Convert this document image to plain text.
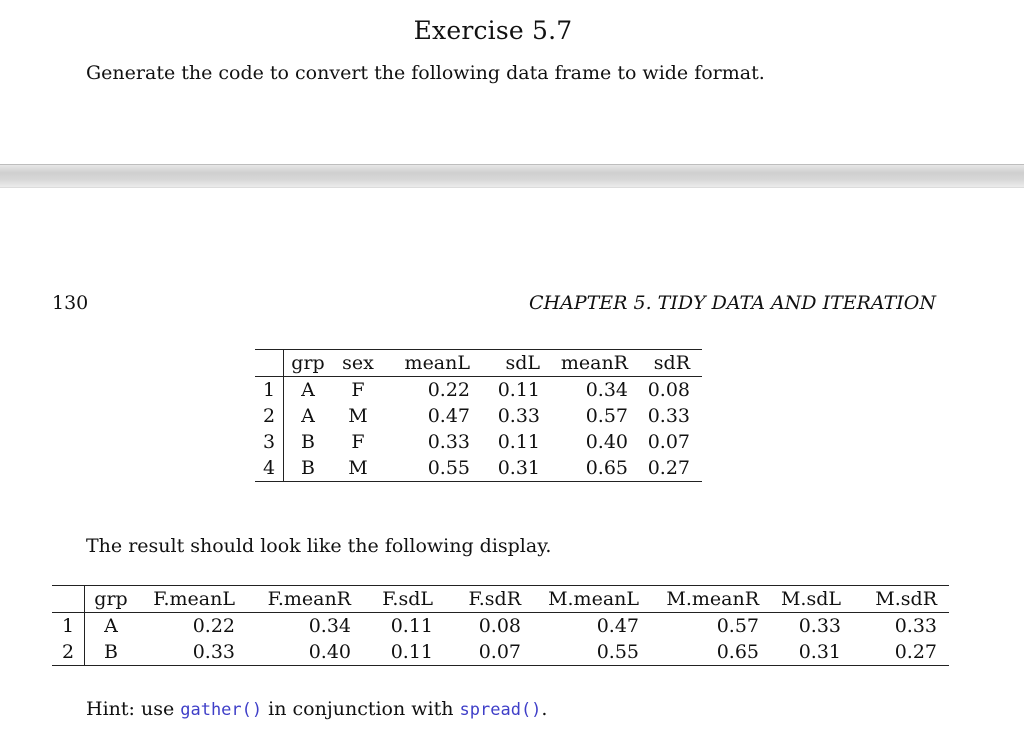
Exercise 5.7
Generate the code to convert the following data frame to wide format.
130	CHAPTER 5. TIDY DATA AND ITERATION
	grp	sex	meanL	sdL	meanR	sdR
1	A	F	0.22	0.11	0.34	0.08
2	A	M	0.47	0.33	0.57	0.33
3	B	F	0.33	0.11	0.40	0.07
4	B	M	0.55	0.31	0.65	0.27
The result should look like the following display.
	grp	F.meanL	F.meanR	F.sdL	F.sdR	M.meanL	M.meanR	M.sdL	M.sdR
1	A	0.22	0.34	0.11	0.08	0.47	0.57	0.33	0.33
2	B	0.33	0.40	0.11	0.07	0.55	0.65	0.31	0.27
Hint: use gather() in conjunction with spread().
